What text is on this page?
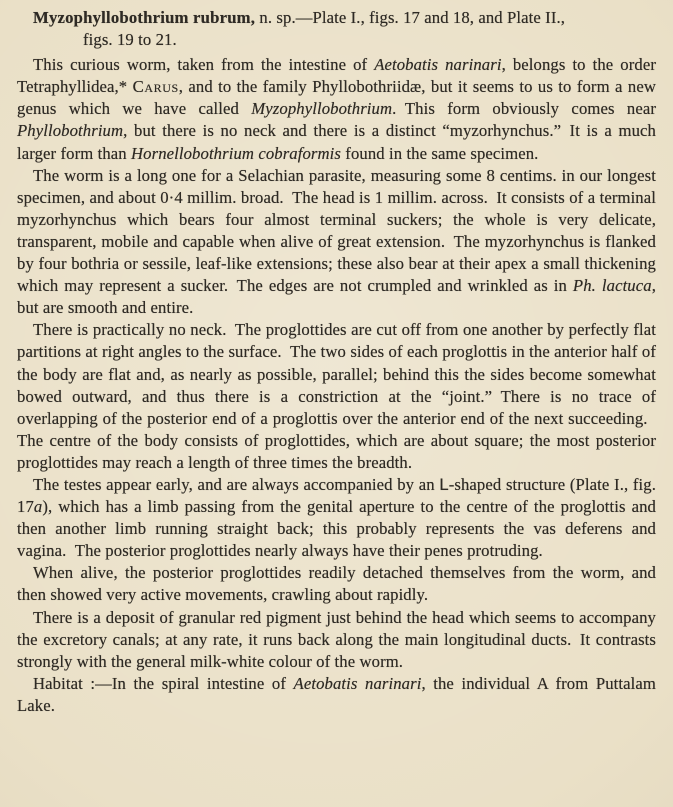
Myzophyllobothrium rubrum, n. sp.—Plate I., figs. 17 and 18, and Plate II.,
figs. 19 to 21.

This curious worm, taken from the intestine of Aetobatis narinari, belongs to the order Tetraphyllidea,* Carus, and to the family Phyllobothriidæ, but it seems to us to form a new genus which we have called Myzophyllobothrium. This form obviously comes near Phyllobothrium, but there is no neck and there is a distinct “myzorhynchus.” It is a much larger form than Hornellobothrium cobraformis found in the same specimen.

The worm is a long one for a Selachian parasite, measuring some 8 centims. in our longest specimen, and about 0·4 millim. broad. The head is 1 millim. across. It consists of a terminal myzorhynchus which bears four almost terminal suckers; the whole is very delicate, transparent, mobile and capable when alive of great extension. The myzorhynchus is flanked by four bothria or sessile, leaf-like extensions; these also bear at their apex a small thickening which may represent a sucker. The edges are not crumpled and wrinkled as in Ph. lactuca, but are smooth and entire.

There is practically no neck. The proglottides are cut off from one another by perfectly flat partitions at right angles to the surface. The two sides of each proglottis in the anterior half of the body are flat and, as nearly as possible, parallel; behind this the sides become somewhat bowed outward, and thus there is a constriction at the “joint.” There is no trace of overlapping of the posterior end of a proglottis over the anterior end of the next succeeding. The centre of the body consists of proglottides, which are about square; the most posterior proglottides may reach a length of three times the breadth.

The testes appear early, and are always accompanied by an L-shaped structure (Plate I., fig. 17a), which has a limb passing from the genital aperture to the centre of the proglottis and then another limb running straight back; this probably represents the vas deferens and vagina. The posterior proglottides nearly always have their penes protruding.

When alive, the posterior proglottides readily detached themselves from the worm, and then showed very active movements, crawling about rapidly.

There is a deposit of granular red pigment just behind the head which seems to accompany the excretory canals; at any rate, it runs back along the main longitudinal ducts. It contrasts strongly with the general milk-white colour of the worm.

Habitat :—In the spiral intestine of Aetobatis narinari, the individual A from Puttalam Lake.
